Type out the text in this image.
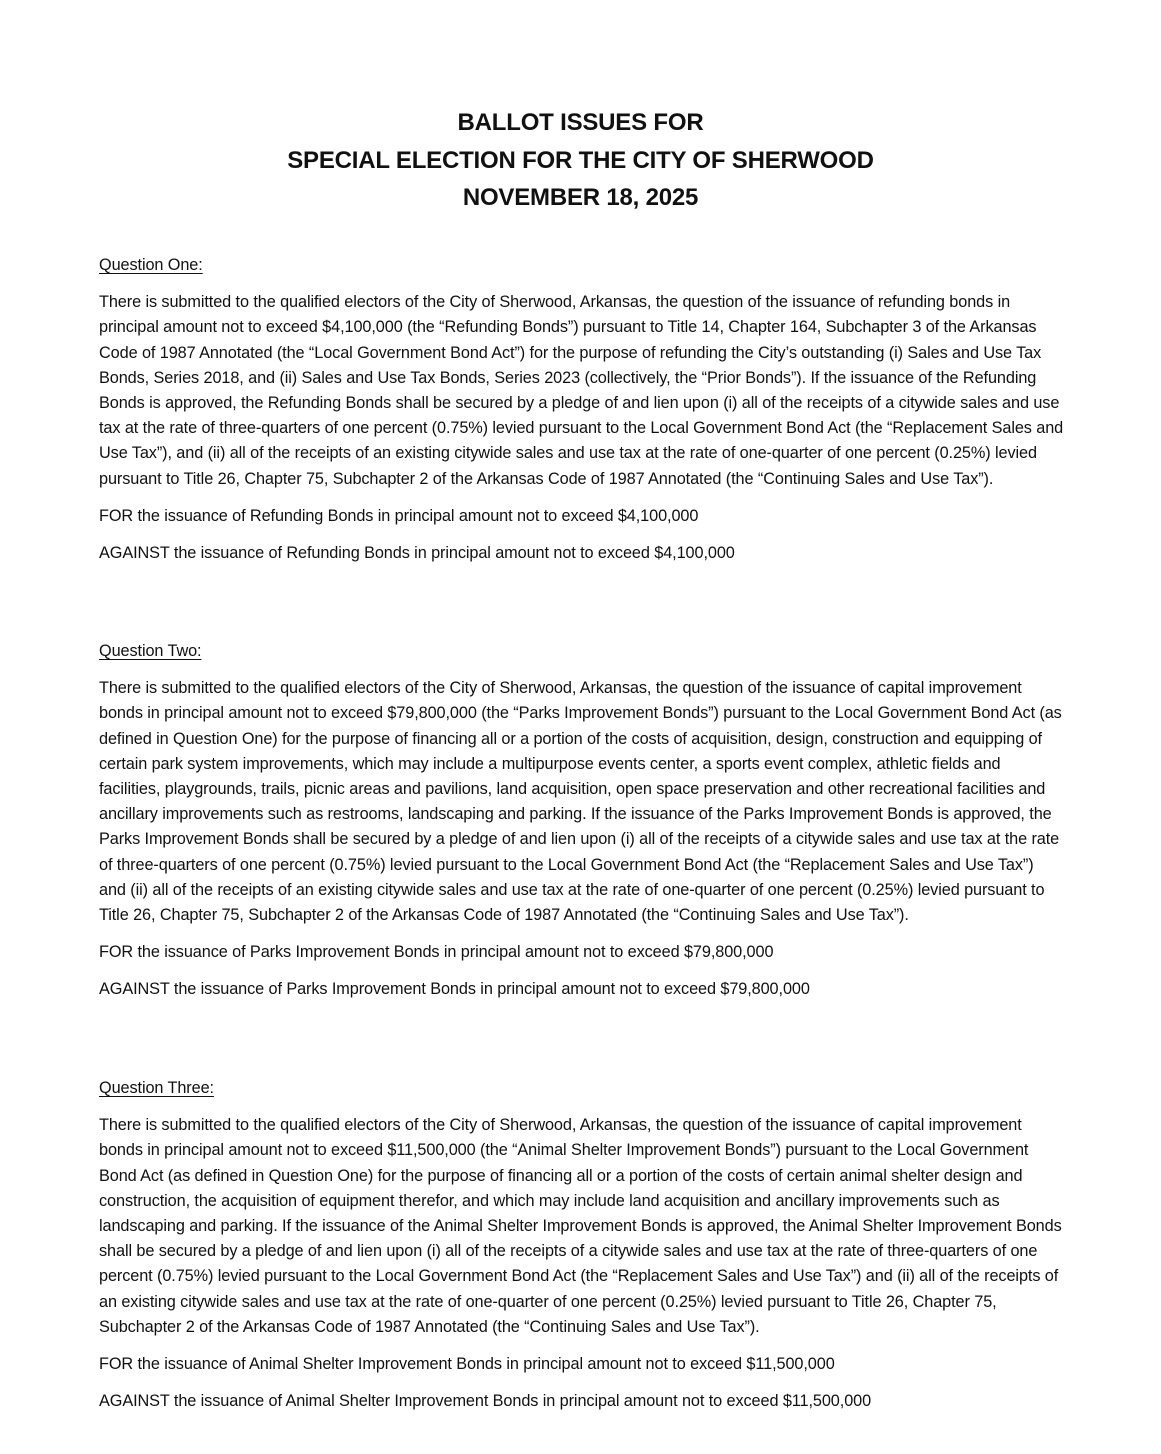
BALLOT ISSUES FOR
SPECIAL ELECTION FOR THE CITY OF SHERWOOD
NOVEMBER 18, 2025

Question One:

There is submitted to the qualified electors of the City of Sherwood, Arkansas, the question of the issuance of refunding bonds in principal amount not to exceed $4,100,000 (the “Refunding Bonds”) pursuant to Title 14, Chapter 164, Subchapter 3 of the Arkansas Code of 1987 Annotated (the “Local Government Bond Act”) for the purpose of refunding the City’s outstanding (i) Sales and Use Tax Bonds, Series 2018, and (ii) Sales and Use Tax Bonds, Series 2023 (collectively, the “Prior Bonds”). If the issuance of the Refunding Bonds is approved, the Refunding Bonds shall be secured by a pledge of and lien upon (i) all of the receipts of a citywide sales and use tax at the rate of three-quarters of one percent (0.75%) levied pursuant to the Local Government Bond Act (the “Replacement Sales and Use Tax”), and (ii) all of the receipts of an existing citywide sales and use tax at the rate of one-quarter of one percent (0.25%) levied pursuant to Title 26, Chapter 75, Subchapter 2 of the Arkansas Code of 1987 Annotated (the “Continuing Sales and Use Tax”).

FOR the issuance of Refunding Bonds in principal amount not to exceed $4,100,000

AGAINST the issuance of Refunding Bonds in principal amount not to exceed $4,100,000

Question Two:

There is submitted to the qualified electors of the City of Sherwood, Arkansas, the question of the issuance of capital improvement bonds in principal amount not to exceed $79,800,000 (the “Parks Improvement Bonds”) pursuant to the Local Government Bond Act (as defined in Question One) for the purpose of financing all or a portion of the costs of acquisition, design, construction and equipping of certain park system improvements, which may include a multipurpose events center, a sports event complex, athletic fields and facilities, playgrounds, trails, picnic areas and pavilions, land acquisition, open space preservation and other recreational facilities and ancillary improvements such as restrooms, landscaping and parking. If the issuance of the Parks Improvement Bonds is approved, the Parks Improvement Bonds shall be secured by a pledge of and lien upon (i) all of the receipts of a citywide sales and use tax at the rate of three-quarters of one percent (0.75%) levied pursuant to the Local Government Bond Act (the “Replacement Sales and Use Tax”) and (ii) all of the receipts of an existing citywide sales and use tax at the rate of one-quarter of one percent (0.25%) levied pursuant to Title 26, Chapter 75, Subchapter 2 of the Arkansas Code of 1987 Annotated (the “Continuing Sales and Use Tax”).

FOR the issuance of Parks Improvement Bonds in principal amount not to exceed $79,800,000

AGAINST the issuance of Parks Improvement Bonds in principal amount not to exceed $79,800,000

Question Three:

There is submitted to the qualified electors of the City of Sherwood, Arkansas, the question of the issuance of capital improvement bonds in principal amount not to exceed $11,500,000 (the “Animal Shelter Improvement Bonds”) pursuant to the Local Government Bond Act (as defined in Question One) for the purpose of financing all or a portion of the costs of certain animal shelter design and construction, the acquisition of equipment therefor, and which may include land acquisition and ancillary improvements such as landscaping and parking. If the issuance of the Animal Shelter Improvement Bonds is approved, the Animal Shelter Improvement Bonds shall be secured by a pledge of and lien upon (i) all of the receipts of a citywide sales and use tax at the rate of three-quarters of one percent (0.75%) levied pursuant to the Local Government Bond Act (the “Replacement Sales and Use Tax”) and (ii) all of the receipts of an existing citywide sales and use tax at the rate of one-quarter of one percent (0.25%) levied pursuant to Title 26, Chapter 75, Subchapter 2 of the Arkansas Code of 1987 Annotated (the “Continuing Sales and Use Tax”).

FOR the issuance of Animal Shelter Improvement Bonds in principal amount not to exceed $11,500,000

AGAINST the issuance of Animal Shelter Improvement Bonds in principal amount not to exceed $11,500,000
